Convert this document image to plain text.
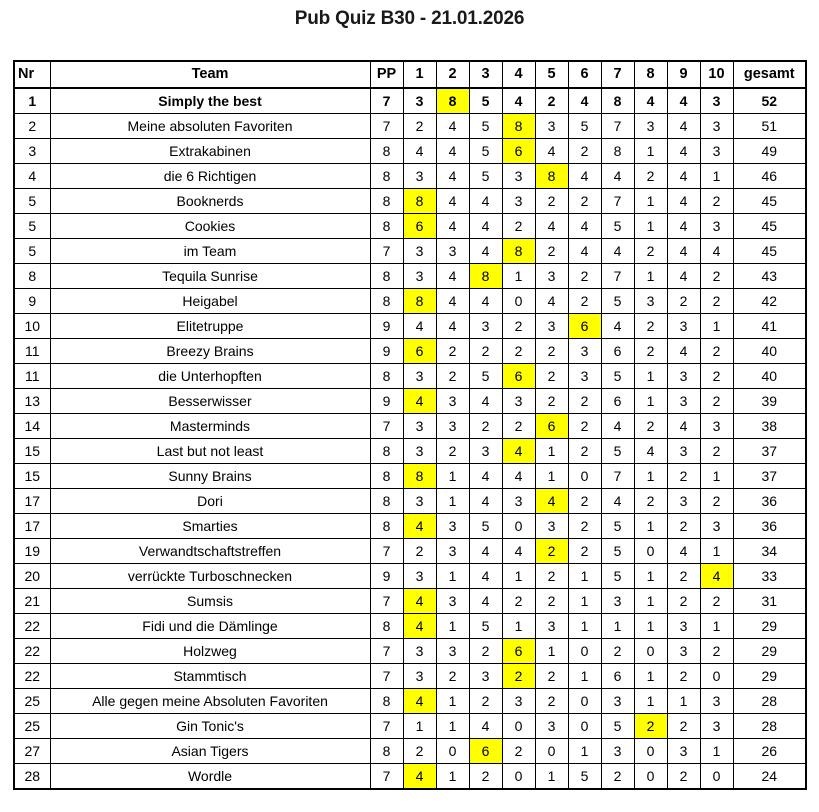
Pub Quiz B30 - 21.01.2026
Nr	Team	PP	1	2	3	4	5	6	7	8	9	10	gesamt
1	Simply the best	7	3	8	5	4	2	4	8	4	4	3	52
2	Meine absoluten Favoriten	7	2	4	5	8	3	5	7	3	4	3	51
3	Extrakabinen	8	4	4	5	6	4	2	8	1	4	3	49
4	die 6 Richtigen	8	3	4	5	3	8	4	4	2	4	1	46
5	Booknerds	8	8	4	4	3	2	2	7	1	4	2	45
5	Cookies	8	6	4	4	2	4	4	5	1	4	3	45
5	im Team	7	3	3	4	8	2	4	4	2	4	4	45
8	Tequila Sunrise	8	3	4	8	1	3	2	7	1	4	2	43
9	Heigabel	8	8	4	4	0	4	2	5	3	2	2	42
10	Elitetruppe	9	4	4	3	2	3	6	4	2	3	1	41
11	Breezy Brains	9	6	2	2	2	2	3	6	2	4	2	40
11	die Unterhopften	8	3	2	5	6	2	3	5	1	3	2	40
13	Besserwisser	9	4	3	4	3	2	2	6	1	3	2	39
14	Masterminds	7	3	3	2	2	6	2	4	2	4	3	38
15	Last but not least	8	3	2	3	4	1	2	5	4	3	2	37
15	Sunny Brains	8	8	1	4	4	1	0	7	1	2	1	37
17	Dori	8	3	1	4	3	4	2	4	2	3	2	36
17	Smarties	8	4	3	5	0	3	2	5	1	2	3	36
19	Verwandtschaftstreffen	7	2	3	4	4	2	2	5	0	4	1	34
20	verrückte Turboschnecken	9	3	1	4	1	2	1	5	1	2	4	33
21	Sumsis	7	4	3	4	2	2	1	3	1	2	2	31
22	Fidi und die Dämlinge	8	4	1	5	1	3	1	1	1	3	1	29
22	Holzweg	7	3	3	2	6	1	0	2	0	3	2	29
22	Stammtisch	7	3	2	3	2	2	1	6	1	2	0	29
25	Alle gegen meine Absoluten Favoriten	8	4	1	2	3	2	0	3	1	1	3	28
25	Gin Tonic's	7	1	1	4	0	3	0	5	2	2	3	28
27	Asian Tigers	8	2	0	6	2	0	1	3	0	3	1	26
28	Wordle	7	4	1	2	0	1	5	2	0	2	0	24
